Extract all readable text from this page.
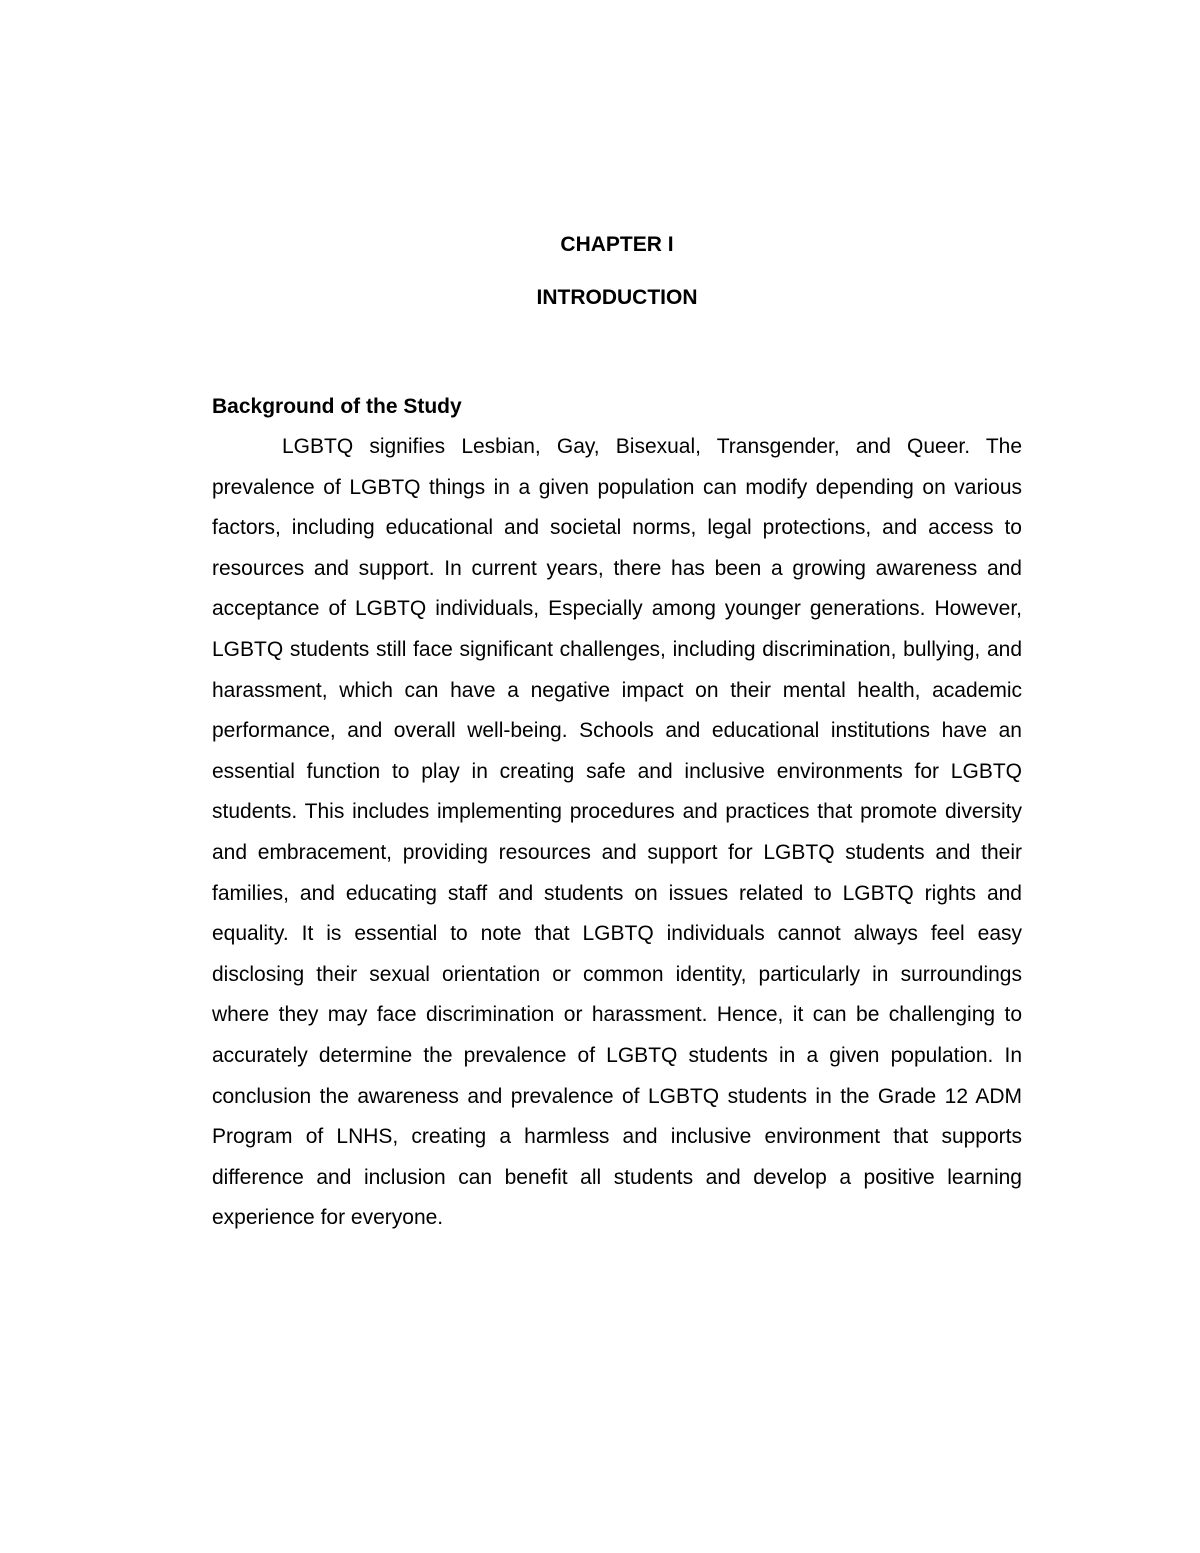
CHAPTER I
INTRODUCTION
Background of the Study

LGBTQ signifies Lesbian, Gay, Bisexual, Transgender, and Queer. The prevalence of LGBTQ things in a given population can modify depending on various factors, including educational and societal norms, legal protections, and access to resources and support. In current years, there has been a growing awareness and acceptance of LGBTQ individuals, Especially among younger generations. However, LGBTQ students still face significant challenges, including discrimination, bullying, and harassment, which can have a negative impact on their mental health, academic performance, and overall well-being. Schools and educational institutions have an essential function to play in creating safe and inclusive environments for LGBTQ students. This includes implementing procedures and practices that promote diversity and embracement, providing resources and support for LGBTQ students and their families, and educating staff and students on issues related to LGBTQ rights and equality. It is essential to note that LGBTQ individuals cannot always feel easy disclosing their sexual orientation or common identity, particularly in surroundings where they may face discrimination or harassment. Hence, it can be challenging to accurately determine the prevalence of LGBTQ students in a given population. In conclusion the awareness and prevalence of LGBTQ students in the Grade 12 ADM Program of LNHS, creating a harmless and inclusive environment that supports difference and inclusion can benefit all students and develop a positive learning experience for everyone.
